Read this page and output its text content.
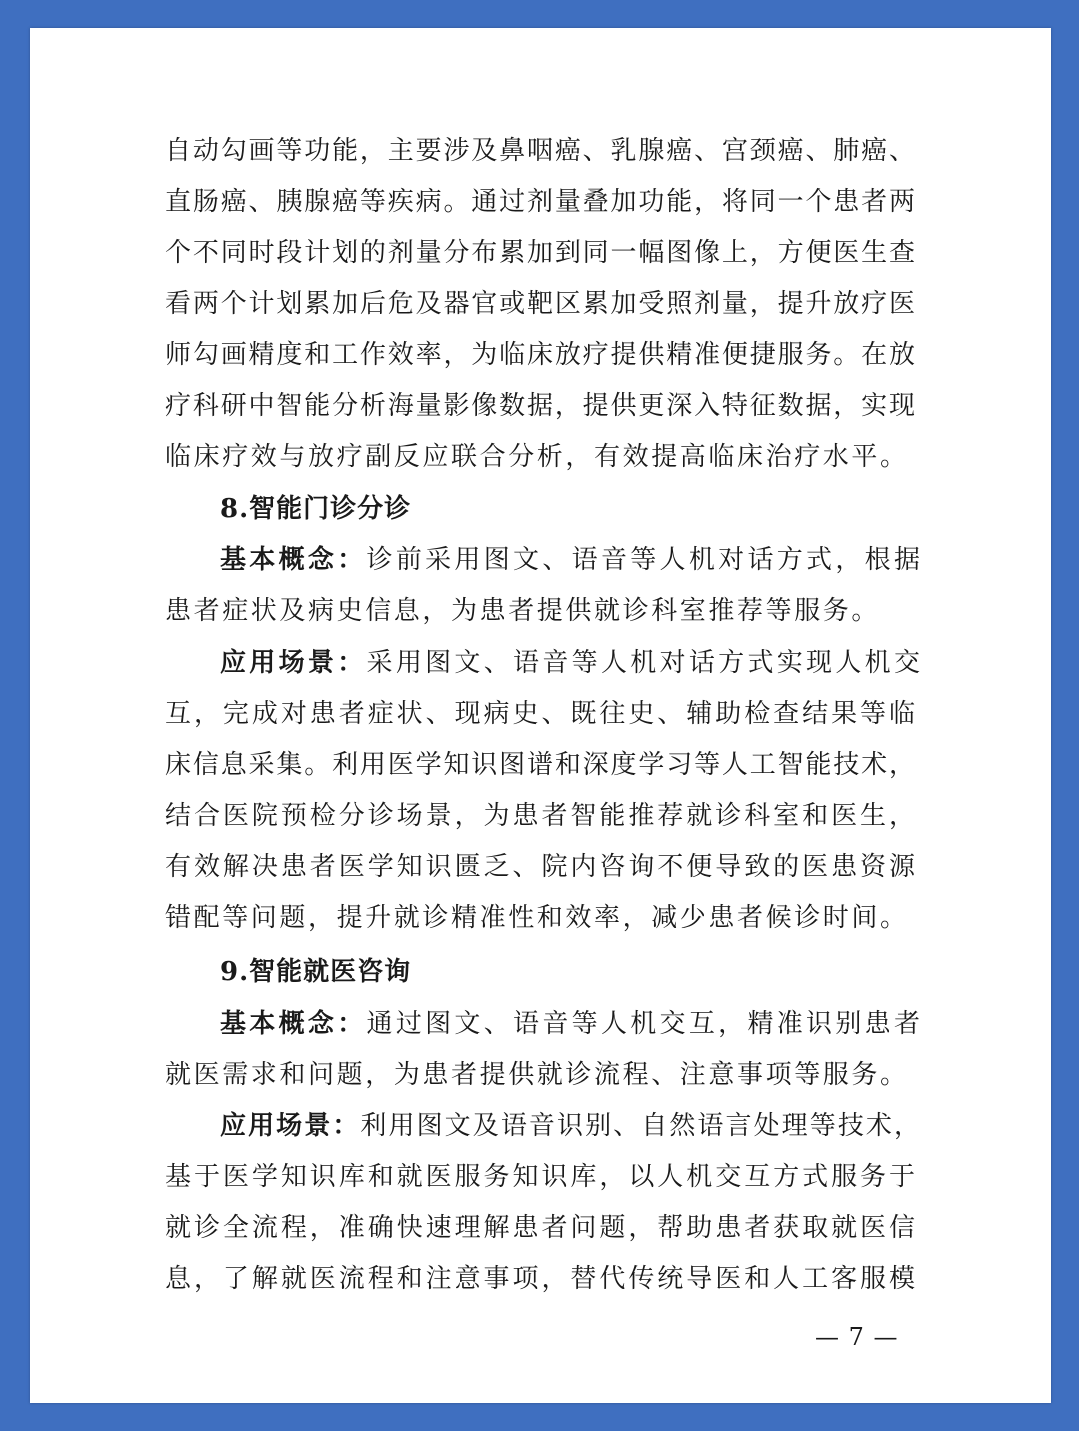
自动勾画等功能，主要涉及鼻咽癌、乳腺癌、宫颈癌、肺癌、
直肠癌、胰腺癌等疾病。通过剂量叠加功能，将同一个患者两
个不同时段计划的剂量分布累加到同一幅图像上，方便医生查
看两个计划累加后危及器官或靶区累加受照剂量，提升放疗医
师勾画精度和工作效率，为临床放疗提供精准便捷服务。在放
疗科研中智能分析海量影像数据，提供更深入特征数据，实现
临床疗效与放疗副反应联合分析，有效提高临床治疗水平。
8.智能门诊分诊
基本概念：诊前采用图文、语音等人机对话方式，根据
患者症状及病史信息，为患者提供就诊科室推荐等服务。
应用场景：采用图文、语音等人机对话方式实现人机交
互，完成对患者症状、现病史、既往史、辅助检查结果等临
床信息采集。利用医学知识图谱和深度学习等人工智能技术，
结合医院预检分诊场景，为患者智能推荐就诊科室和医生，
有效解决患者医学知识匮乏、院内咨询不便导致的医患资源
错配等问题，提升就诊精准性和效率，减少患者候诊时间。
9.智能就医咨询
基本概念：通过图文、语音等人机交互，精准识别患者
就医需求和问题，为患者提供就诊流程、注意事项等服务。
应用场景：利用图文及语音识别、自然语言处理等技术，
基于医学知识库和就医服务知识库，以人机交互方式服务于
就诊全流程，准确快速理解患者问题，帮助患者获取就医信
息，了解就医流程和注意事项，替代传统导医和人工客服模
— 7 —
